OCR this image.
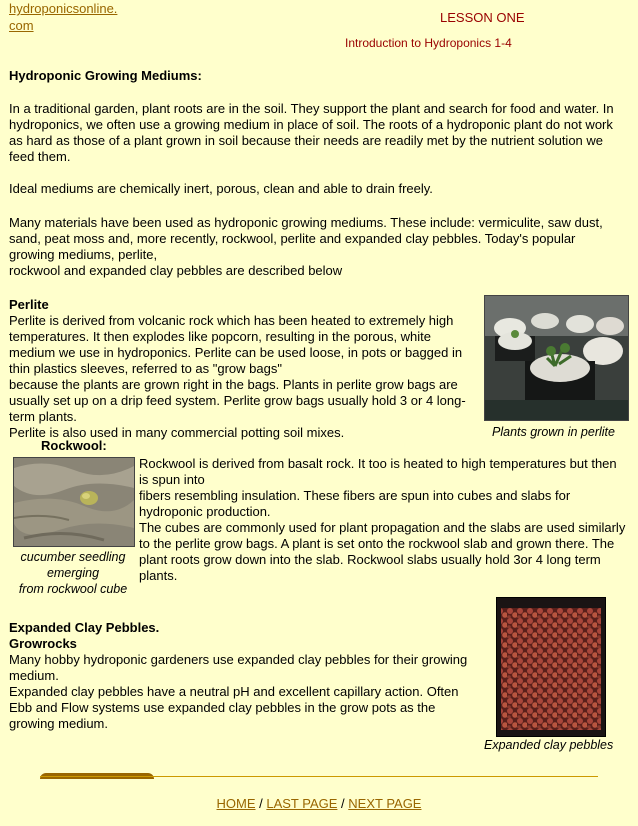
hydroponicsonline.
com
LESSON ONE
Introduction to Hydroponics 1-4
Hydroponic Growing Mediums:
In a traditional garden, plant roots are in the soil. They support the plant and search for food and water. In hydroponics, we often use a growing medium in place of soil. The roots of a hydroponic plant do not work as hard as those of a plant grown in soil because their needs are readily met by the nutrient solution we feed them.
Ideal mediums are chemically inert, porous, clean and able to drain freely.
Many materials have been used as hydroponic growing mediums. These include: vermiculite, saw dust, sand, peat moss and, more recently, rockwool, perlite and expanded clay pebbles. Today's popular growing mediums, perlite,
rockwool and expanded clay pebbles are described below
Perlite
Perlite is derived from volcanic rock which has been heated to extremely high temperatures. It then explodes like popcorn, resulting in the porous, white medium we use in hydroponics. Perlite can be used loose, in pots or bagged in thin plastics sleeves, referred to as "grow bags"
because the plants are grown right in the bags. Plants in perlite grow bags are usually set up on a drip feed system. Perlite grow bags usually hold 3 or 4 long-term plants.
Perlite is also used in many commercial potting soil mixes.	Plants grown in perlite
Rockwool:
cucumber seedling
emerging
from rockwool cube
Rockwool is derived from basalt rock. It too is heated to high temperatures but then is spun into
fibers resembling insulation. These fibers are spun into cubes and slabs for hydroponic production.
The cubes are commonly used for plant propagation and the slabs are used similarly to the perlite grow bags. A plant is set onto the rockwool slab and grown there. The plant roots grow down into the slab. Rockwool slabs usually hold 3or 4 long term plants.
Expanded Clay Pebbles.
Growrocks
Many hobby hydroponic gardeners use expanded clay pebbles for their growing medium.
Expanded clay pebbles have a neutral pH and excellent capillary action. Often Ebb and Flow systems use expanded clay pebbles in the grow pots as the growing medium.
Expanded clay pebbles
HOME / LAST PAGE / NEXT PAGE
